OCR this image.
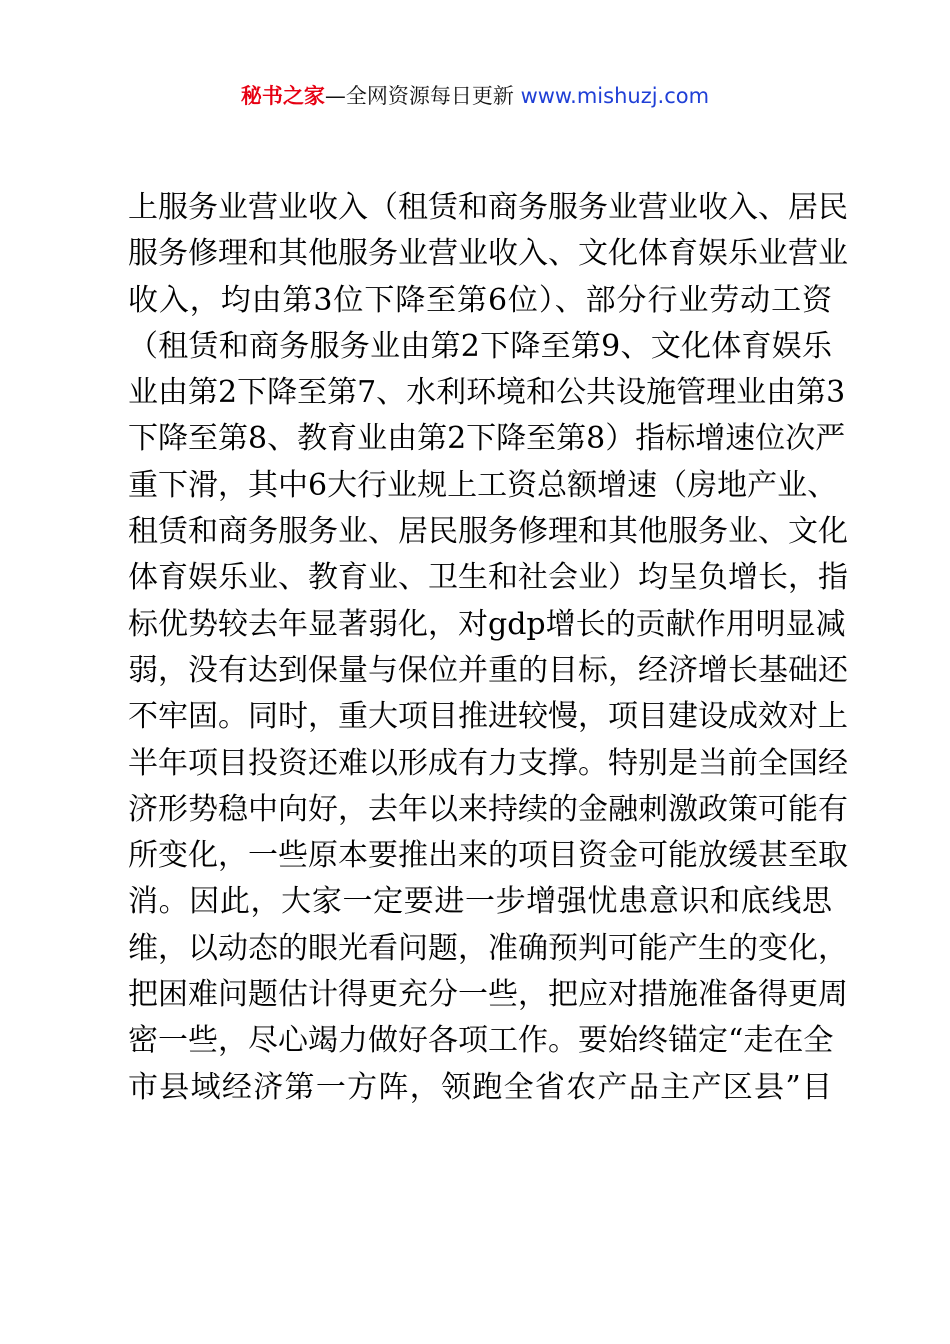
秘书之家—全网资源每日更新 www.mishuzj.com
上服务业营业收入（租赁和商务服务业营业收入、居民
服务修理和其他服务业营业收入、文化体育娱乐业营业
收入，均由第3位下降至第6位）、部分行业劳动工资
（租赁和商务服务业由第2下降至第9、文化体育娱乐
业由第2下降至第7、水利环境和公共设施管理业由第3
下降至第8、教育业由第2下降至第8）指标增速位次严
重下滑，其中6大行业规上工资总额增速（房地产业、
租赁和商务服务业、居民服务修理和其他服务业、文化
体育娱乐业、教育业、卫生和社会业）均呈负增长，指
标优势较去年显著弱化，对gdp增长的贡献作用明显减
弱，没有达到保量与保位并重的目标，经济增长基础还
不牢固。同时，重大项目推进较慢，项目建设成效对上
半年项目投资还难以形成有力支撑。特别是当前全国经
济形势稳中向好，去年以来持续的金融刺激政策可能有
所变化，一些原本要推出来的项目资金可能放缓甚至取
消。因此，大家一定要进一步增强忧患意识和底线思
维，以动态的眼光看问题，准确预判可能产生的变化，
把困难问题估计得更充分一些，把应对措施准备得更周
密一些，尽心竭力做好各项工作。要始终锚定“走在全
市县域经济第一方阵，领跑全省农产品主产区县”目
